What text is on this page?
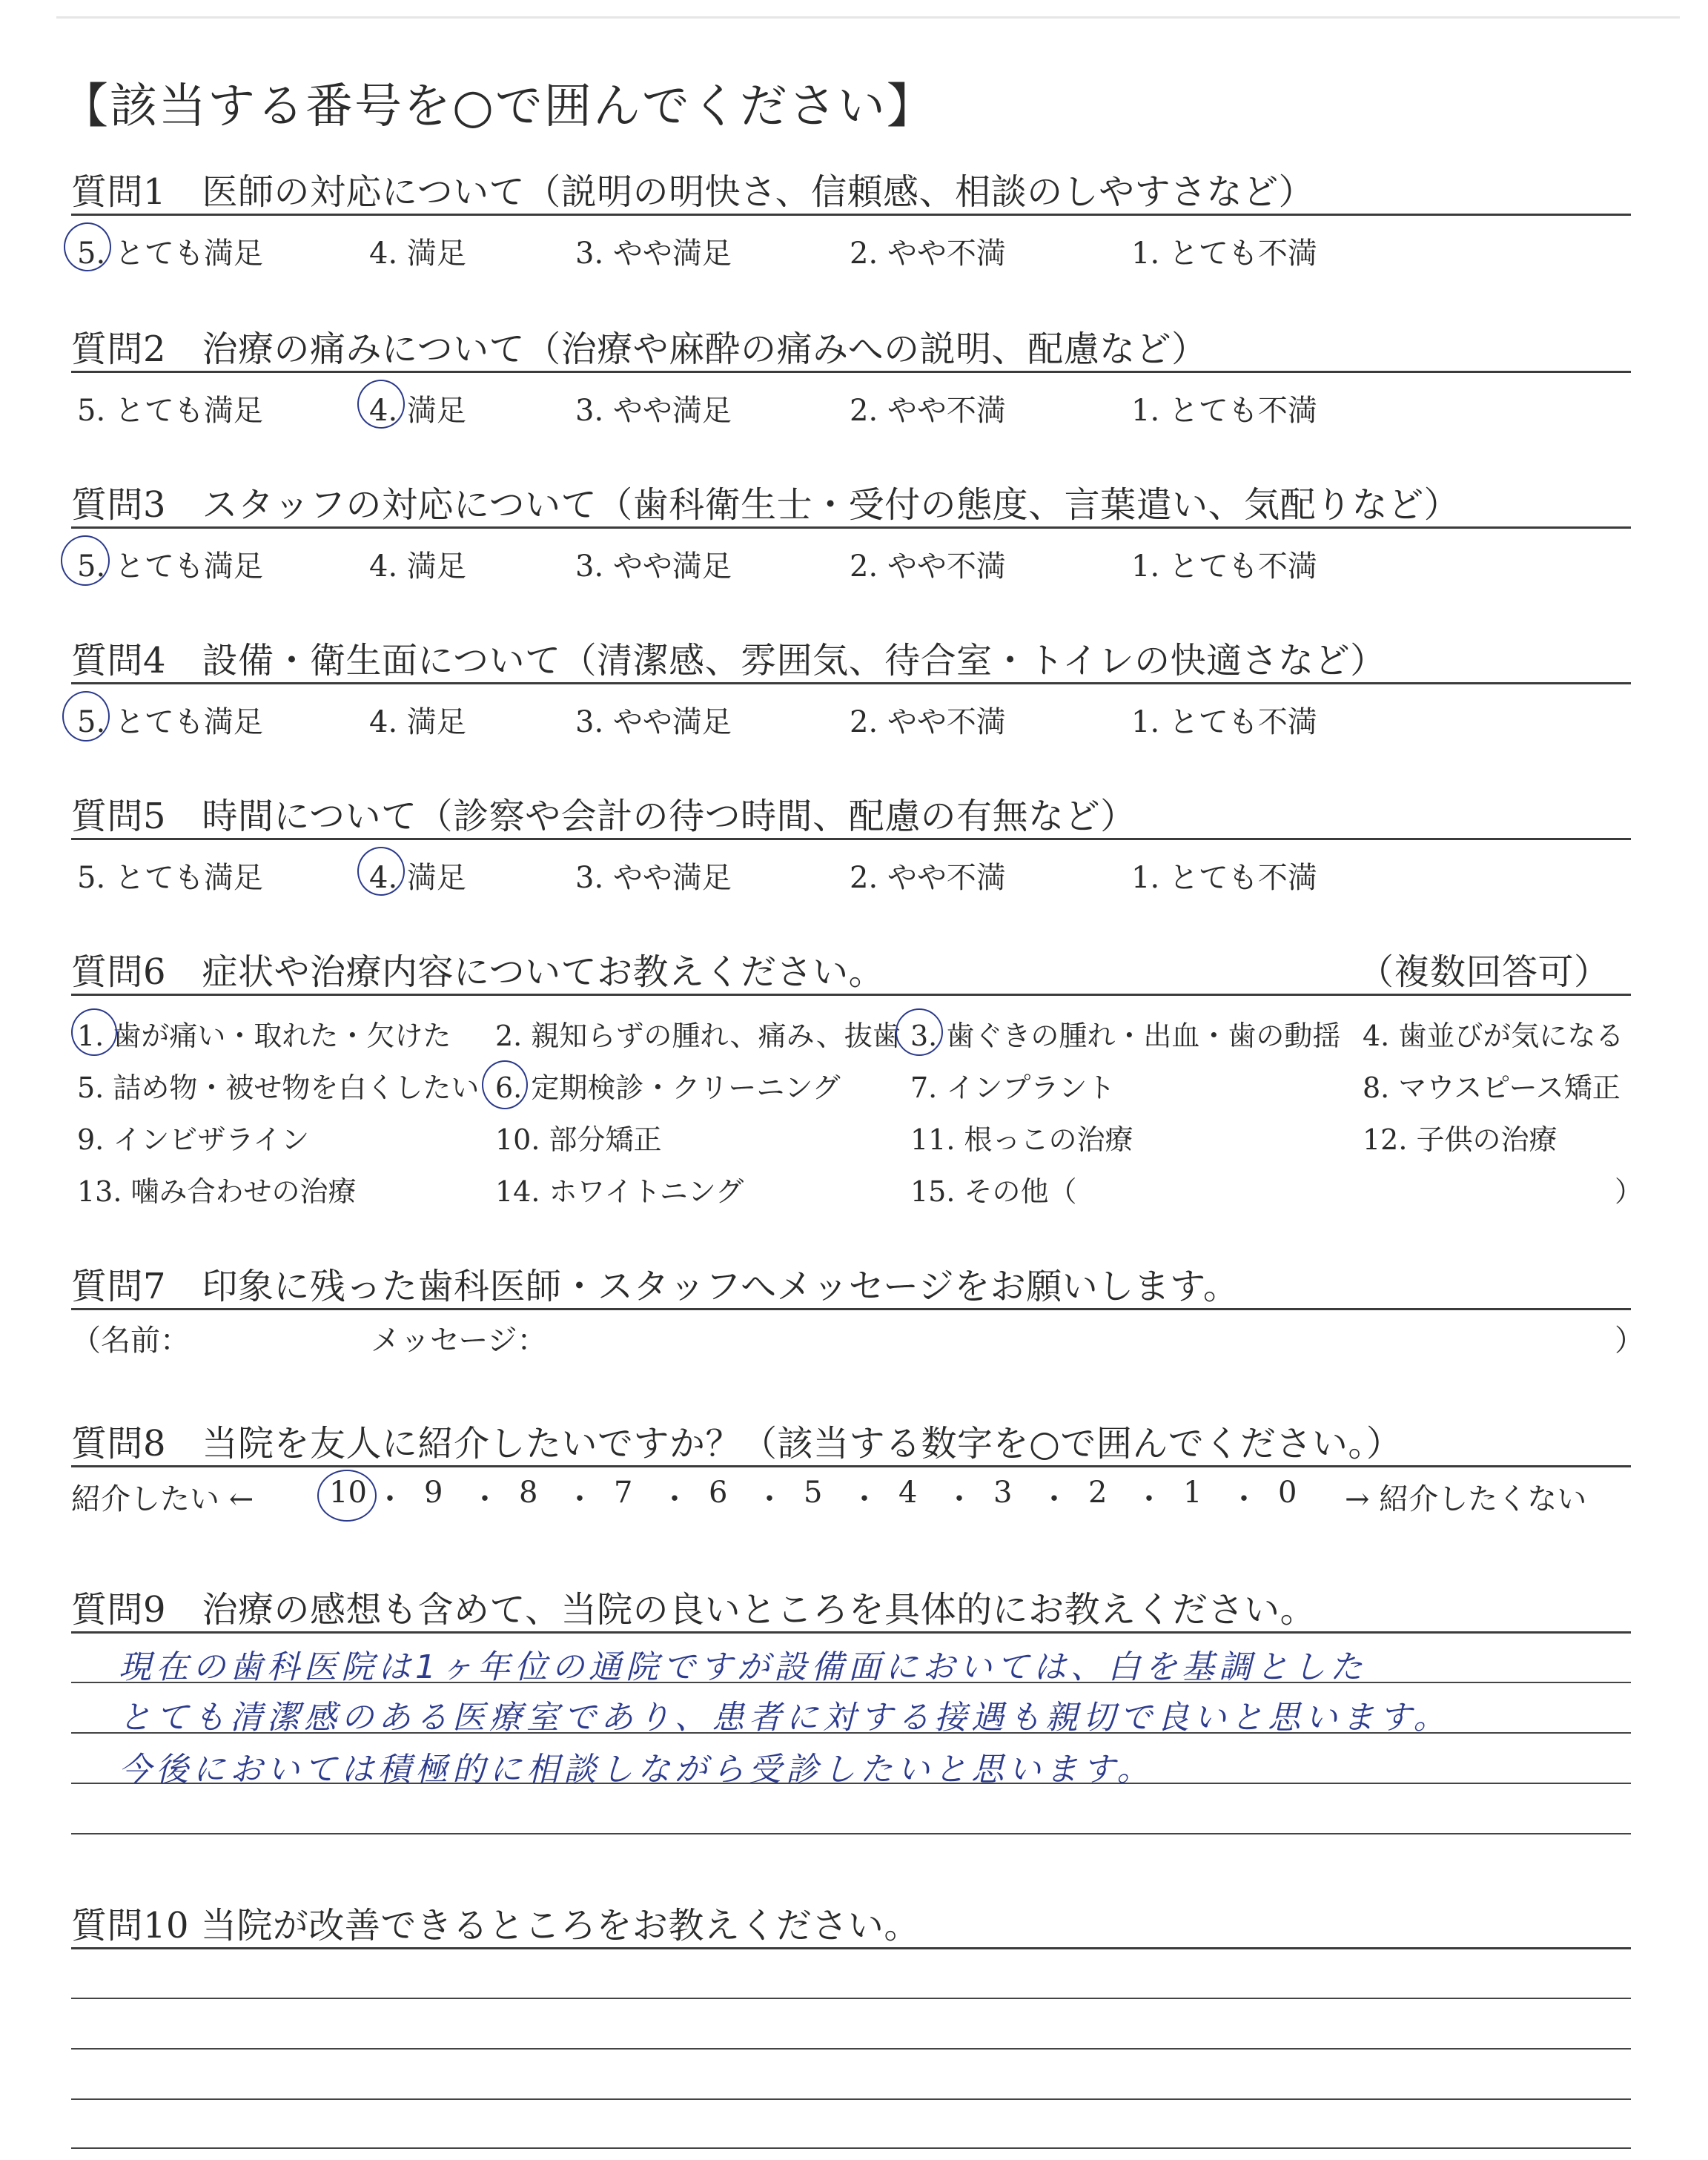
【該当する番号を○で囲んでください】
質問1　医師の対応について（説明の明快さ、信頼感、相談のしやすさなど）
5. とても満足	4. 満足	3. やや満足	2. やや不満	1. とても不満
質問2　治療の痛みについて（治療や麻酔の痛みへの説明、配慮など）
5. とても満足	4. 満足	3. やや満足	2. やや不満	1. とても不満
質問3　スタッフの対応について（歯科衛生士・受付の態度、言葉遣い、気配りなど）
5. とても満足	4. 満足	3. やや満足	2. やや不満	1. とても不満
質問4　設備・衛生面について（清潔感、雰囲気、待合室・トイレの快適さなど）
5. とても満足	4. 満足	3. やや満足	2. やや不満	1. とても不満
質問5　時間について（診察や会計の待つ時間、配慮の有無など）
5. とても満足	4. 満足	3. やや満足	2. やや不満	1. とても不満
質問6　症状や治療内容についてお教えください。	（複数回答可）
1. 歯が痛い・取れた・欠けた 2. 親知らずの腫れ、痛み、抜歯 3. 歯ぐきの腫れ・出血・歯の動揺 4. 歯並びが気になる
5. 詰め物・被せ物を白くしたい 6. 定期検診・クリーニング 7. インプラント	8. マウスピース矯正
9. インビザライン	10. 部分矯正	11. 根っこの治療	12. 子供の治療
13. 噛み合わせの治療	14. ホワイトニング	15. その他（	）
質問7　印象に残った歯科医師・スタッフへメッセージをお願いします。
（名前：	メッセージ：	）
質問8　当院を友人に紹介したいですか？（該当する数字を○で囲んでください。）
紹介したい ←	→ 紹介したくない
10 ・ 9 ・ 8 ・ 7 ・ 6 ・ 5 ・ 4 ・ 3 ・ 2 ・ 1 ・ 0
質問9　治療の感想も含めて、当院の良いところを具体的にお教えください。
現在の歯科医院は1ヶ年位の通院ですが設備面においては、白を基調とした
とても清潔感のある医療室であり、患者に対する接遇も親切で良いと思います。
今後においては積極的に相談しながら受診したいと思います。
質問10 当院が改善できるところをお教えください。
